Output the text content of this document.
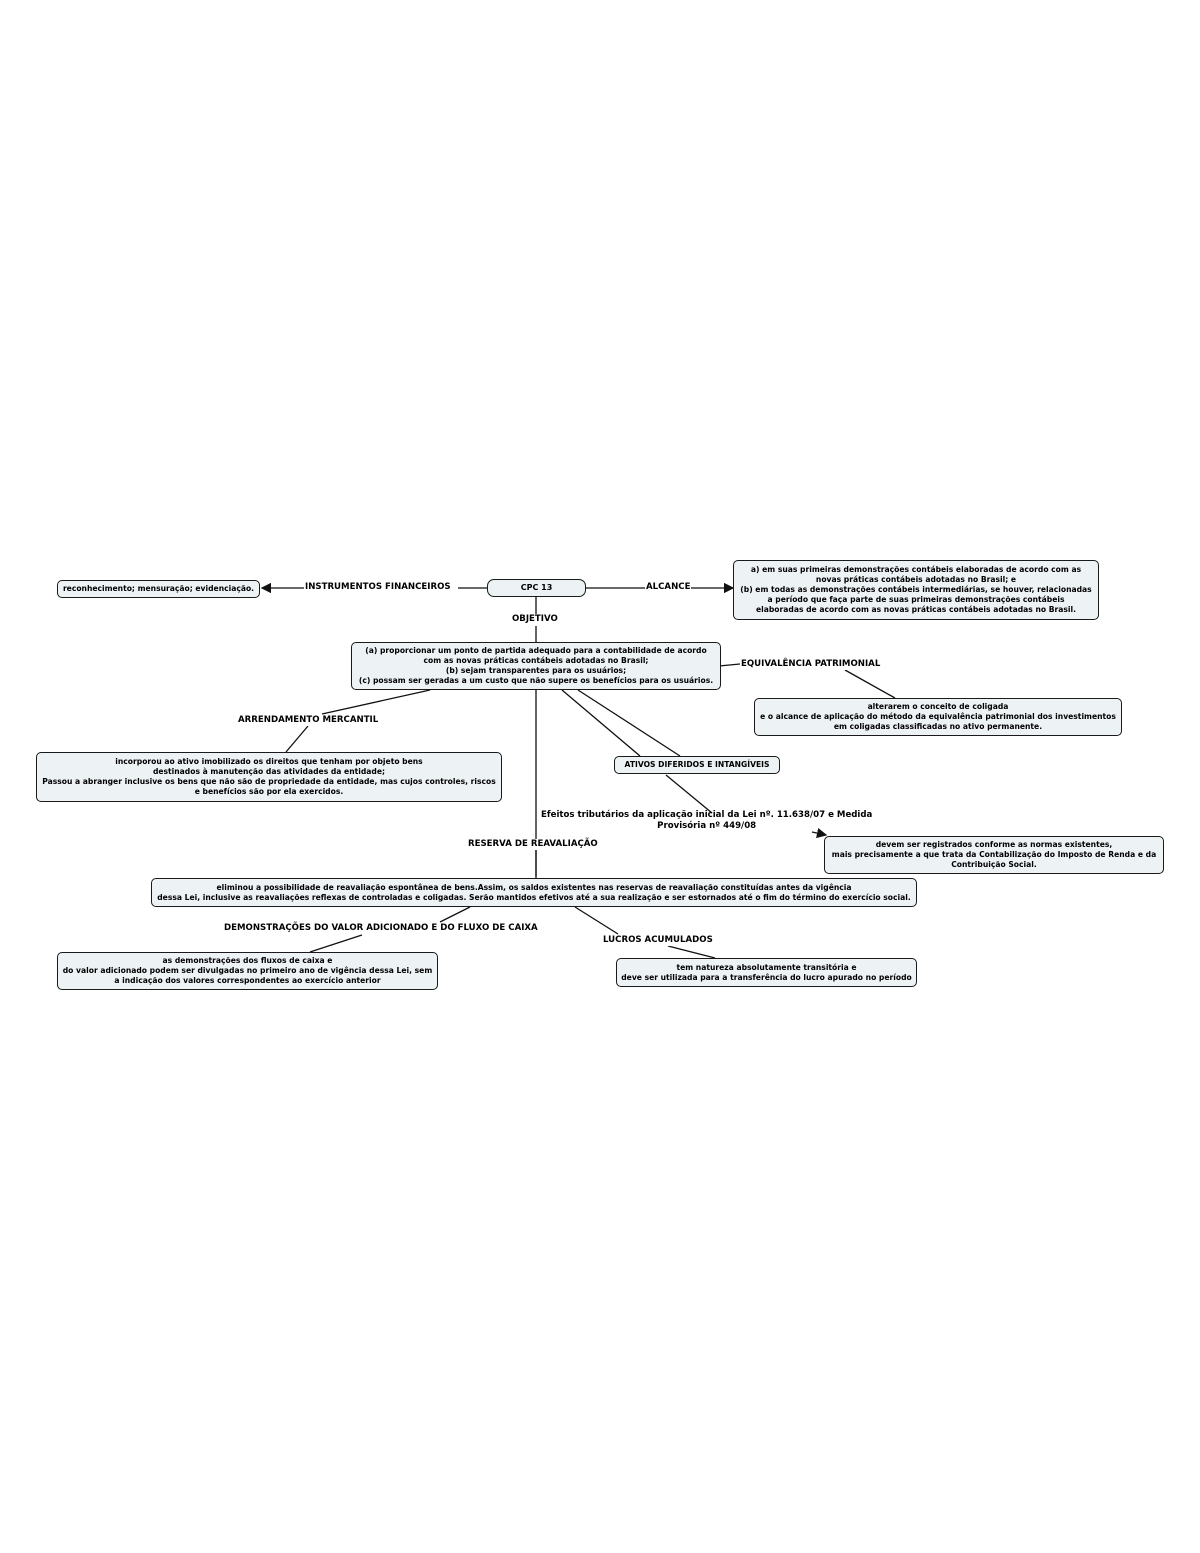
CPC 13
INSTRUMENTOS FINANCEIROS	ALCANCE
OBJETIVO
EQUIVALÊNCIA PATRIMONIAL
ARRENDAMENTO MERCANTIL
ATIVOS DIFERIDOS E INTANGÍVEIS
Efeitos tributários da aplicação inicial da Lei nº. 11.638/07 e Medida
Provisória nº 449/08
RESERVA DE REAVALIAÇÃO
DEMONSTRAÇÕES DO VALOR ADICIONADO E DO FLUXO DE CAIXA
LUCROS ACUMULADOS
reconhecimento; mensuração; evidenciação.
a) em suas primeiras demonstrações contábeis elaboradas de acordo com as
novas práticas contábeis adotadas no Brasil; e
(b) em todas as demonstrações contábeis intermediárias, se houver, relacionadas
a período que faça parte de suas primeiras demonstrações contábeis
elaboradas de acordo com as novas práticas contábeis adotadas no Brasil.
(a) proporcionar um ponto de partida adequado para a contabilidade de acordo
com as novas práticas contábeis adotadas no Brasil;
(b) sejam transparentes para os usuários;
(c) possam ser geradas a um custo que não supere os benefícios para os usuários.
alterarem o conceito de coligada
e o alcance de aplicação do método da equivalência patrimonial dos investimentos
em coligadas classificadas no ativo permanente.
incorporou ao ativo imobilizado os direitos que tenham por objeto bens
destinados à manutenção das atividades da entidade;
Passou a abranger inclusive os bens que não são de propriedade da entidade, mas cujos controles, riscos
e benefícios são por ela exercidos.
devem ser registrados conforme as normas existentes,
mais precisamente a que trata da Contabilização do Imposto de Renda e da
Contribuição Social.
eliminou a possibilidade de reavaliação espontânea de bens.Assim, os saldos existentes nas reservas de reavaliação constituídas antes da vigência
dessa Lei, inclusive as reavaliações reflexas de controladas e coligadas. Serão mantidos efetivos até a sua realização e ser estornados até o fim do término do exercício social.
as demonstrações dos fluxos de caixa e
do valor adicionado podem ser divulgadas no primeiro ano de vigência dessa Lei, sem
a indicação dos valores correspondentes ao exercício anterior
tem natureza absolutamente transitória e
deve ser utilizada para a transferência do lucro apurado no período
